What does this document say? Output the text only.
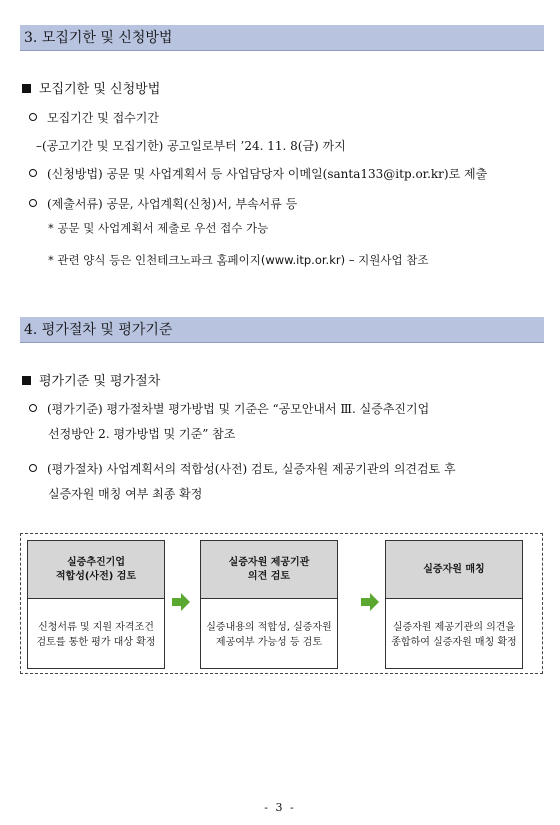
3. 모집기한 및 신청방법
모집기한 및 신청방법
모집기간 및 접수기간
–(공고기간 및 모집기한) 공고일로부터 ’24. 11. 8(금) 까지
(신청방법) 공문 및 사업계획서 등 사업담당자 이메일(santa133@itp.or.kr)로 제출
(제출서류) 공문, 사업계획(신청)서, 부속서류 등
* 공문 및 사업계획서 제출로 우선 접수 가능
* 관련 양식 등은 인천테크노파크 홈페이지(www.itp.or.kr) – 지원사업 참조
4. 평가절차 및 평가기준
평가기준 및 평가절차
(평가기준) 평가절차별 평가방법 및 기준은 “공모안내서 Ⅲ. 실증추진기업
선정방안 2. 평가방법 및 기준” 참조
(평가절차) 사업계획서의 적합성(사전) 검토, 실증자원 제공기관의 의견검토 후
실증자원 매칭 여부 최종 확정
실증추진기업
적합성(사전) 검토
신청서류 및 지원 자격조건
검토를 통한 평가 대상 확정
실증자원 제공기관
의견 검토
실증내용의 적합성, 실증자원
제공여부 가능성 등 검토
실증자원 매칭
실증자원 제공기관의 의견을
종합하여 실증자원 매칭 확정
- 3 -
